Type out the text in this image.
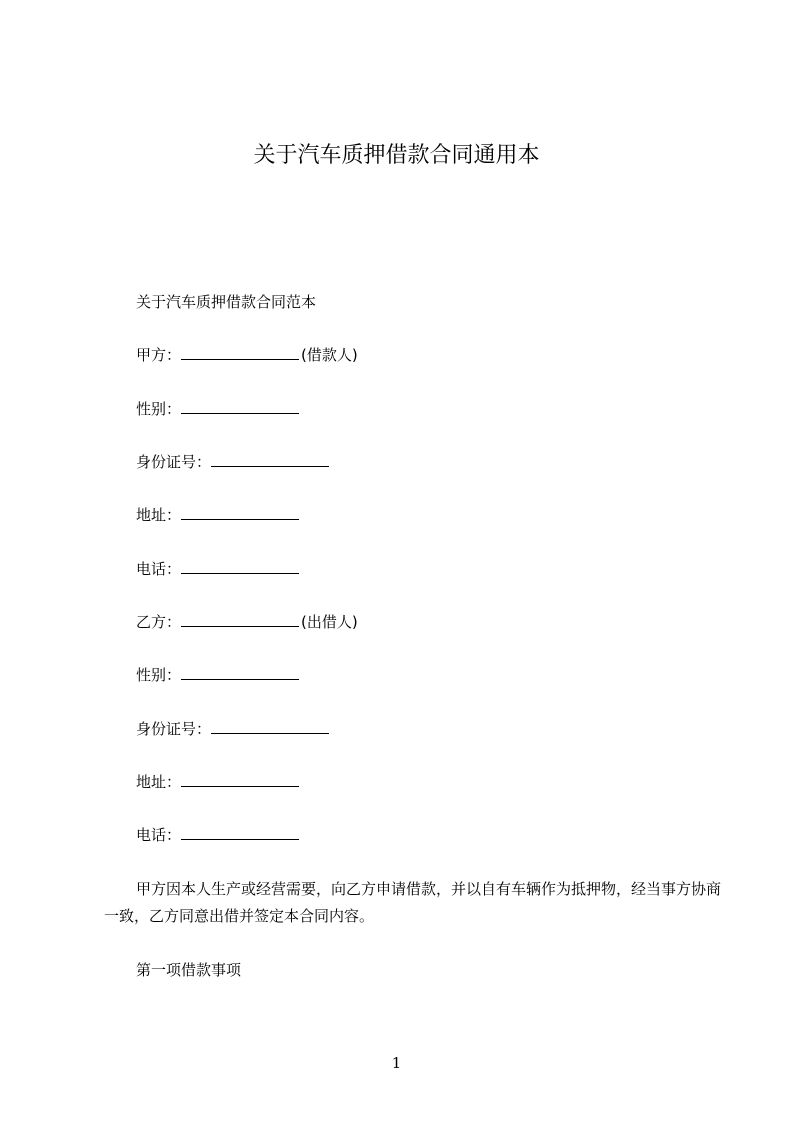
关于汽车质押借款合同通用本
关于汽车质押借款合同范本
甲方：	(借款人)
性别：
身份证号：
地址：
电话：
乙方：	(出借人)
性别：
身份证号：
地址：
电话：
甲方因本人生产或经营需要，向乙方申请借款，并以自有车辆作为抵押物，经当事方协商一致，乙方同意出借并签定本合同内容。
第一项借款事项
1
